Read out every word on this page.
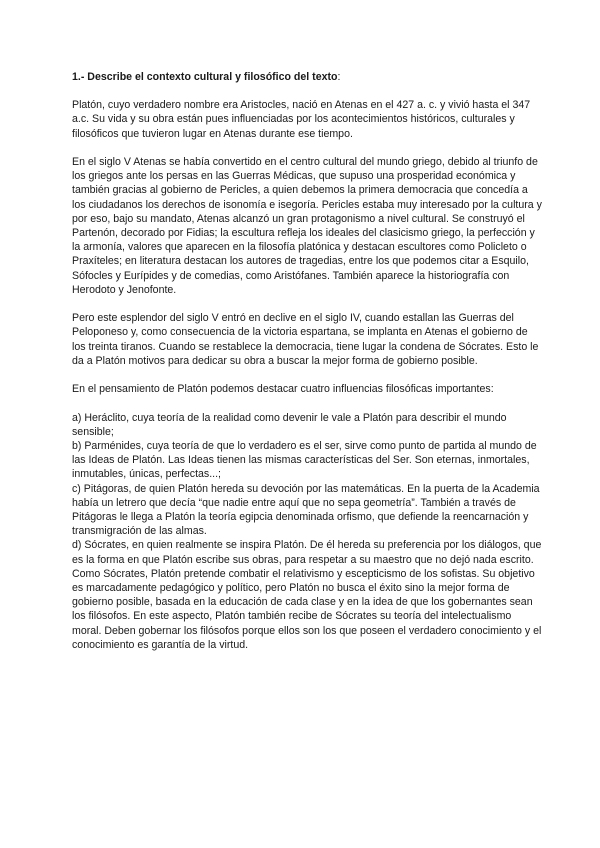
1.- Describe el contexto cultural y filosófico del texto:

Platón, cuyo verdadero nombre era Aristocles, nació en Atenas en el 427 a. c. y vivió hasta el 347 a.c. Su vida y su obra están pues influenciadas por los acontecimientos históricos, culturales y filosóficos que tuvieron lugar en Atenas durante ese tiempo.

En el siglo V Atenas se había convertido en el centro cultural del mundo griego, debido al triunfo de los griegos ante los persas en las Guerras Médicas, que supuso una prosperidad económica y también gracias al gobierno de Pericles, a quien debemos la primera democracia que concedía a los ciudadanos los derechos de isonomía e isegoría. Pericles estaba muy interesado por la cultura y por eso, bajo su mandato, Atenas alcanzó un gran protagonismo a nivel cultural. Se construyó el Partenón, decorado por Fidias; la escultura refleja los ideales del clasicismo griego, la perfección y la armonía, valores que aparecen en la filosofía platónica y destacan escultores como Policleto o Praxíteles; en literatura destacan los autores de tragedias, entre los que podemos citar a Esquilo, Sófocles y Eurípides y de comedias, como Aristófanes. También aparece la historiografía con Herodoto y Jenofonte.

Pero este esplendor del siglo V entró en declive en el siglo IV, cuando estallan las Guerras del Peloponeso y, como consecuencia de la victoria espartana, se implanta en Atenas el gobierno de los treinta tiranos. Cuando se restablece la democracia, tiene lugar la condena de Sócrates. Esto le da a Platón motivos para dedicar su obra a buscar la mejor forma de gobierno posible.

En el pensamiento de Platón podemos destacar cuatro influencias filosóficas importantes:

a) Heráclito, cuya teoría de la realidad como devenir le vale a Platón para describir el mundo sensible;
b) Parménides, cuya teoría de que lo verdadero es el ser, sirve como punto de partida al mundo de las Ideas de Platón. Las Ideas tienen las mismas características del Ser. Son eternas, inmortales, inmutables, únicas, perfectas...;
c) Pitágoras, de quien Platón hereda su devoción por las matemáticas. En la puerta de la Academia había un letrero que decía “que nadie entre aquí que no sepa geometría”. También a través de Pitágoras le llega a Platón la teoría egipcia denominada orfismo, que defiende la reencarnación y transmigración de las almas.
d) Sócrates, en quien realmente se inspira Platón. De él hereda su preferencia por los diálogos, que es la forma en que Platón escribe sus obras, para respetar a su maestro que no dejó nada escrito. Como Sócrates, Platón pretende combatir el relativismo y escepticismo de los sofistas. Su objetivo es marcadamente pedagógico y político, pero Platón no busca el éxito sino la mejor forma de gobierno posible, basada en la educación de cada clase y en la idea de que los gobernantes sean los filósofos. En este aspecto, Platón también recibe de Sócrates su teoría del intelectualismo moral. Deben gobernar los filósofos porque ellos son los que poseen el verdadero conocimiento y el conocimiento es garantía de la virtud.
